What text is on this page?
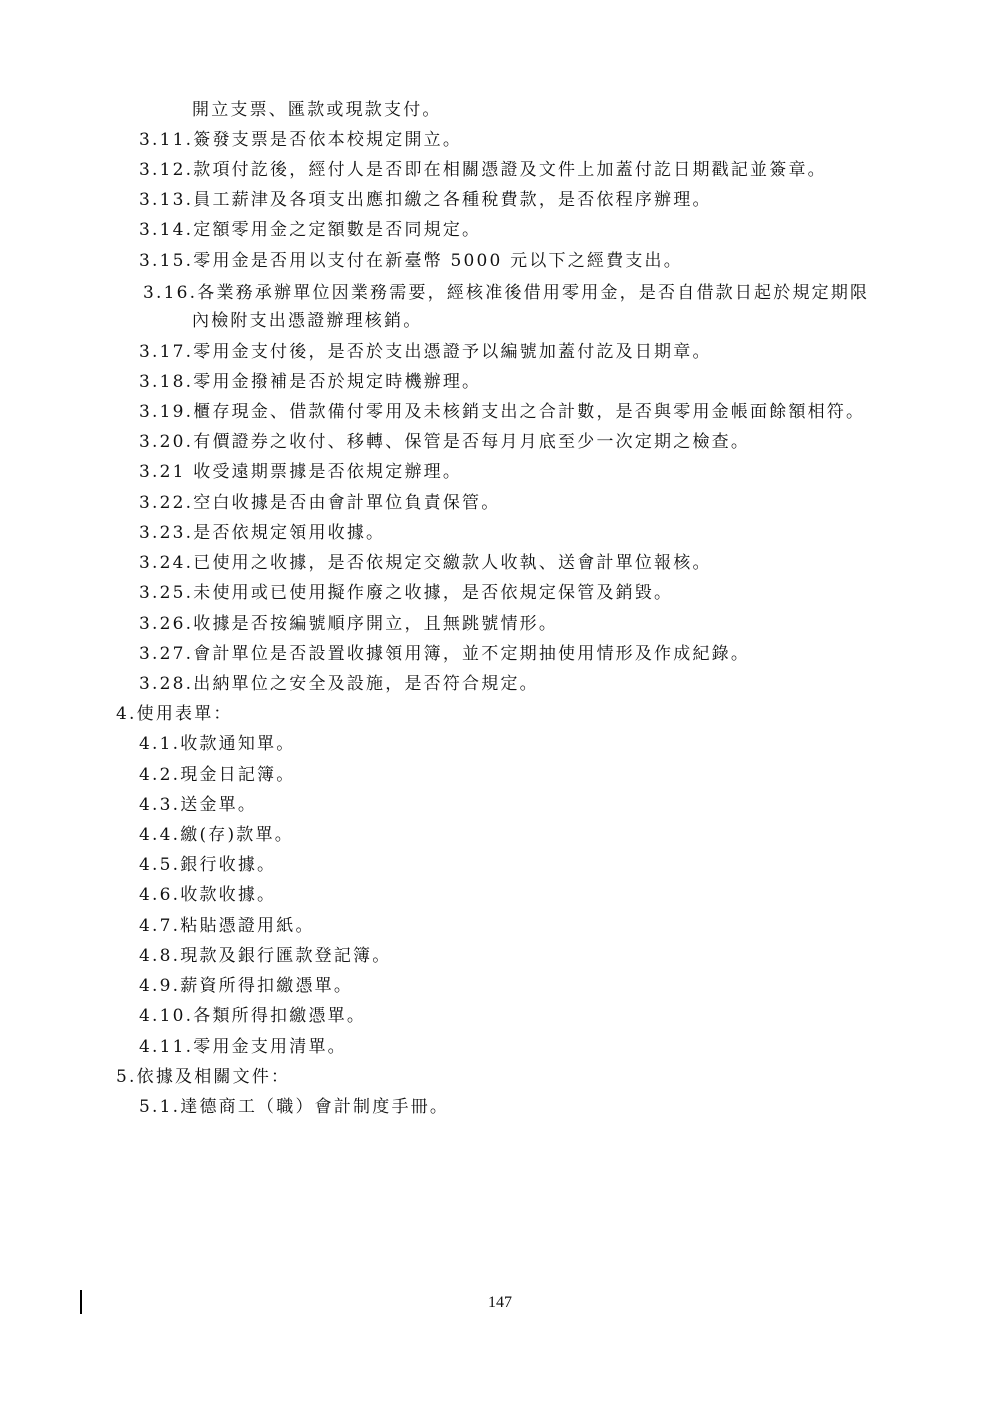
開立支票、匯款或現款支付。
3.11.簽發支票是否依本校規定開立。
3.12.款項付訖後，經付人是否即在相關憑證及文件上加蓋付訖日期戳記並簽章。
3.13.員工薪津及各項支出應扣繳之各種稅費款，是否依程序辦理。
3.14.定額零用金之定額數是否同規定。
3.15.零用金是否用以支付在新臺幣 5000 元以下之經費支出。
3.16.各業務承辦單位因業務需要，經核准後借用零用金，是否自借款日起於規定期限
內檢附支出憑證辦理核銷。
3.17.零用金支付後，是否於支出憑證予以編號加蓋付訖及日期章。
3.18.零用金撥補是否於規定時機辦理。
3.19.櫃存現金、借款備付零用及未核銷支出之合計數，是否與零用金帳面餘額相符。
3.20.有價證券之收付、移轉、保管是否每月月底至少一次定期之檢查。
3.21 收受遠期票據是否依規定辦理。
3.22.空白收據是否由會計單位負責保管。
3.23.是否依規定領用收據。
3.24.已使用之收據，是否依規定交繳款人收執、送會計單位報核。
3.25.未使用或已使用擬作廢之收據，是否依規定保管及銷毀。
3.26.收據是否按編號順序開立，且無跳號情形。
3.27.會計單位是否設置收據領用簿，並不定期抽使用情形及作成紀錄。
3.28.出納單位之安全及設施，是否符合規定。
4.使用表單：
4.1.收款通知單。
4.2.現金日記簿。
4.3.送金單。
4.4.繳(存)款單。
4.5.銀行收據。
4.6.收款收據。
4.7.粘貼憑證用紙。
4.8.現款及銀行匯款登記簿。
4.9.薪資所得扣繳憑單。
4.10.各類所得扣繳憑單。
4.11.零用金支用清單。
5.依據及相關文件：
5.1.達德商工（職）會計制度手冊。
147
